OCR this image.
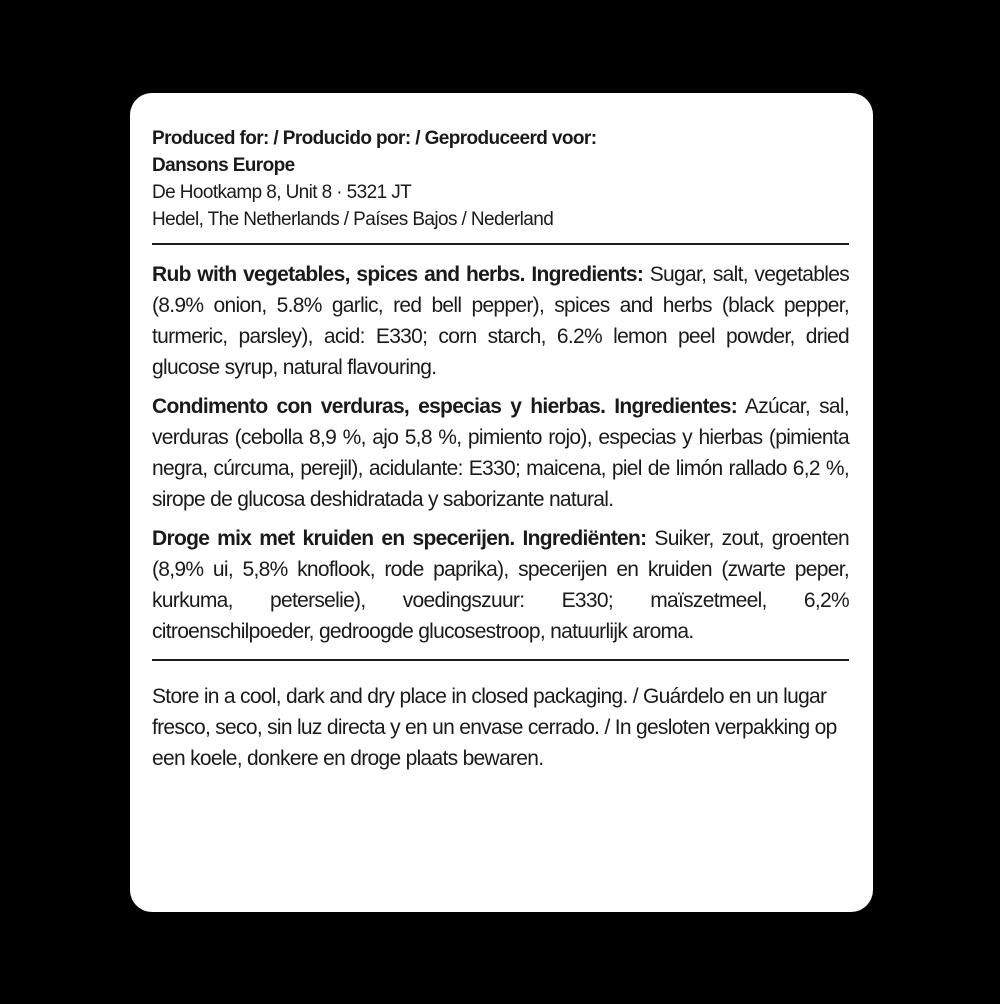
Produced for: / Producido por: / Geproduceerd voor:
Dansons Europe
De Hootkamp 8, Unit 8 · 5321 JT
Hedel, The Netherlands / Países Bajos / Nederland

Rub with vegetables, spices and herbs. Ingredients: Sugar, salt, vegetables (8.9% onion, 5.8% garlic, red bell pepper), spices and herbs (black pepper, turmeric, parsley), acid: E330; corn starch, 6.2% lemon peel powder, dried glucose syrup, natural flavouring.

Condimento con verduras, especias y hierbas. Ingredientes: Azúcar, sal, verduras (cebolla 8,9 %, ajo 5,8 %, pimiento rojo), especias y hierbas (pimienta negra, cúrcuma, perejil), acidulante: E330; maicena, piel de limón rallado 6,2 %, sirope de glucosa deshidratada y saborizante natural.

Droge mix met kruiden en specerijen. Ingrediënten: Suiker, zout, groenten (8,9% ui, 5,8% knoflook, rode paprika), specerijen en kruiden (zwarte peper, kurkuma, peterselie), voedingszuur: E330; maïszetmeel, 6,2% citroenschilpoeder, gedroogde glucosestroop, natuurlijk aroma.

Store in a cool, dark and dry place in closed packaging. / Guárdelo en un lugar fresco, seco, sin luz directa y en un envase cerrado. / In gesloten verpakking op een koele, donkere en droge plaats bewaren.
